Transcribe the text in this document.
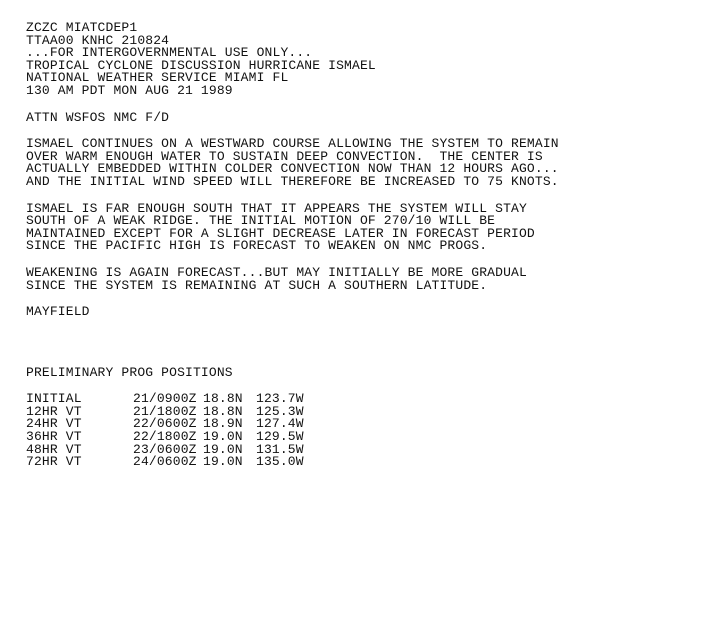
ZCZC MIATCDEP1
TTAA00 KNHC 210824
...FOR INTERGOVERNMENTAL USE ONLY...
TROPICAL CYCLONE DISCUSSION HURRICANE ISMAEL
NATIONAL WEATHER SERVICE MIAMI FL
130 AM PDT MON AUG 21 1989
ATTN WSFOS NMC F/D
ISMAEL CONTINUES ON A WESTWARD COURSE ALLOWING THE SYSTEM TO REMAIN
OVER WARM ENOUGH WATER TO SUSTAIN DEEP CONVECTION.  THE CENTER IS
ACTUALLY EMBEDDED WITHIN COLDER CONVECTION NOW THAN 12 HOURS AGO...
AND THE INITIAL WIND SPEED WILL THEREFORE BE INCREASED TO 75 KNOTS.
ISMAEL IS FAR ENOUGH SOUTH THAT IT APPEARS THE SYSTEM WILL STAY
SOUTH OF A WEAK RIDGE. THE INITIAL MOTION OF 270/10 WILL BE
MAINTAINED EXCEPT FOR A SLIGHT DECREASE LATER IN FORECAST PERIOD
SINCE THE PACIFIC HIGH IS FORECAST TO WEAKEN ON NMC PROGS.
WEAKENING IS AGAIN FORECAST...BUT MAY INITIALLY BE MORE GRADUAL
SINCE THE SYSTEM IS REMAINING AT SUCH A SOUTHERN LATITUDE.
MAYFIELD
PRELIMINARY PROG POSITIONS
INITIAL	21/0900Z 18.8N	123.7W
12HR VT	21/1800Z 18.8N	125.3W
24HR VT	22/0600Z 18.9N	127.4W
36HR VT	22/1800Z 19.0N	129.5W
48HR VT	23/0600Z 19.0N	131.5W
72HR VT	24/0600Z 19.0N	135.0W
